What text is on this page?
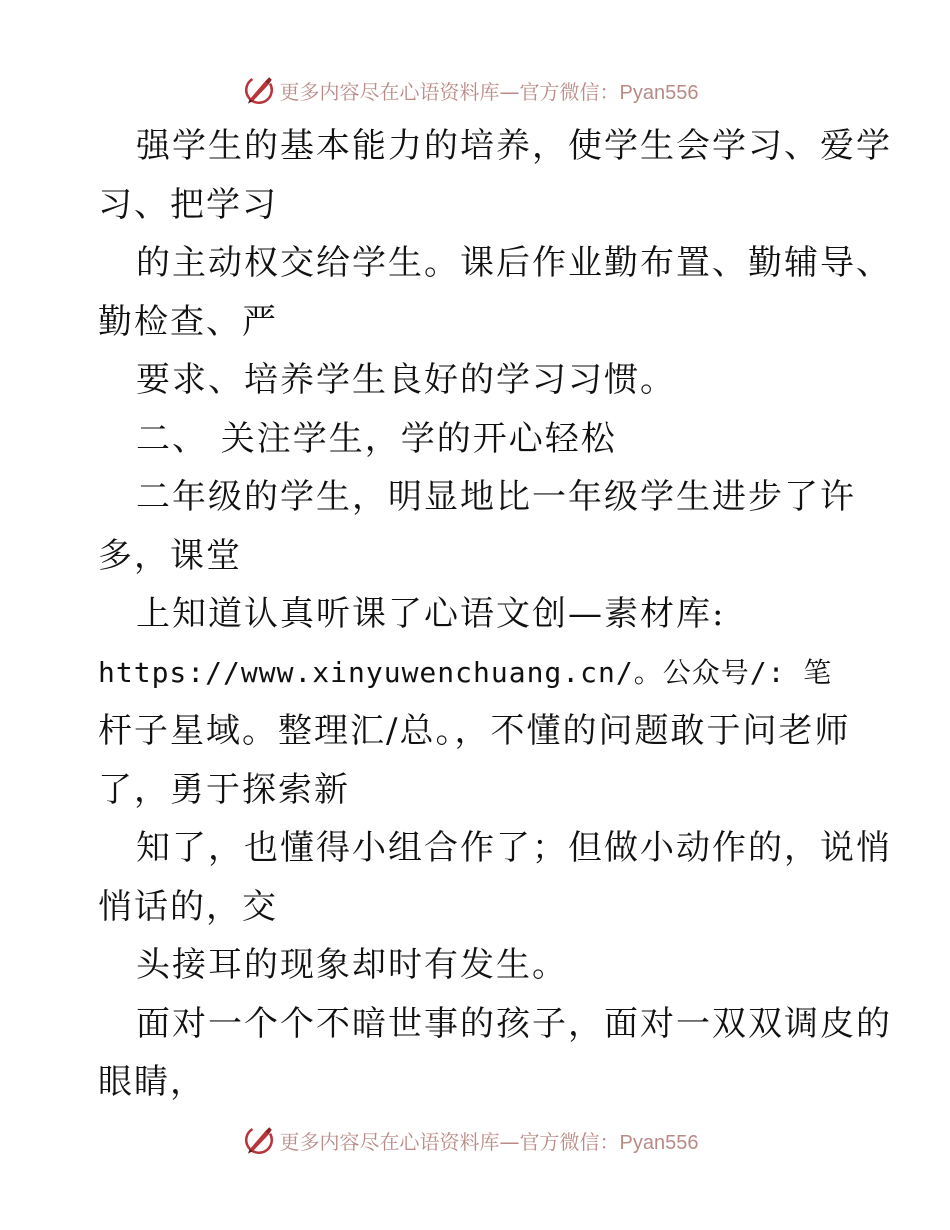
更多内容尽在心语资料库—官方微信：Pyan556
强学生的基本能力的培养，使学生会学习、爱学
习、把学习
的主动权交给学生。课后作业勤布置、勤辅导、
勤检查、严
要求、培养学生良好的学习习惯。
二、 关注学生，学的开心轻松
二年级的学生，明显地比一年级学生进步了许
多，课堂
上知道认真听课了心语文创—素材库:
https://www.xinyuwenchuang.cn/。公众号/: 笔
杆子星域。整理汇/总。，不懂的问题敢于问老师
了，勇于探索新
知了，也懂得小组合作了；但做小动作的，说悄
悄话的，交
头接耳的现象却时有发生。
面对一个个不暗世事的孩子，面对一双双调皮的
眼睛，
更多内容尽在心语资料库—官方微信：Pyan556
